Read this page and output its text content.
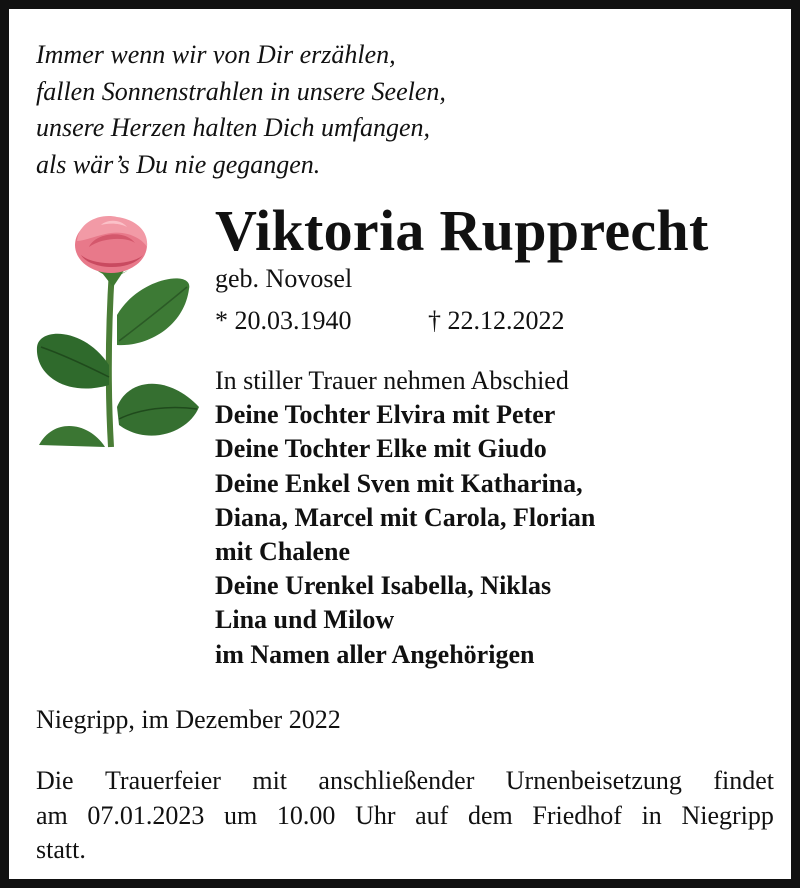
Immer wenn wir von Dir erzählen,
fallen Sonnenstrahlen in unsere Seelen,
unsere Herzen halten Dich umfangen,
als wär’s Du nie gegangen.
Viktoria Rupprecht
geb. Novosel
* 20.03.1940	† 22.12.2022
In stiller Trauer nehmen Abschied
Deine Tochter Elvira mit Peter
Deine Tochter Elke mit Giudo
Deine Enkel Sven mit Katharina,
Diana, Marcel mit Carola, Florian
mit Chalene
Deine Urenkel Isabella, Niklas
Lina und Milow
im Namen aller Angehörigen
Niegripp, im Dezember 2022
Die Trauerfeier mit anschließender Urnenbeisetzung findet
am 07.01.2023 um 10.00 Uhr auf dem Friedhof in Niegripp
statt.
